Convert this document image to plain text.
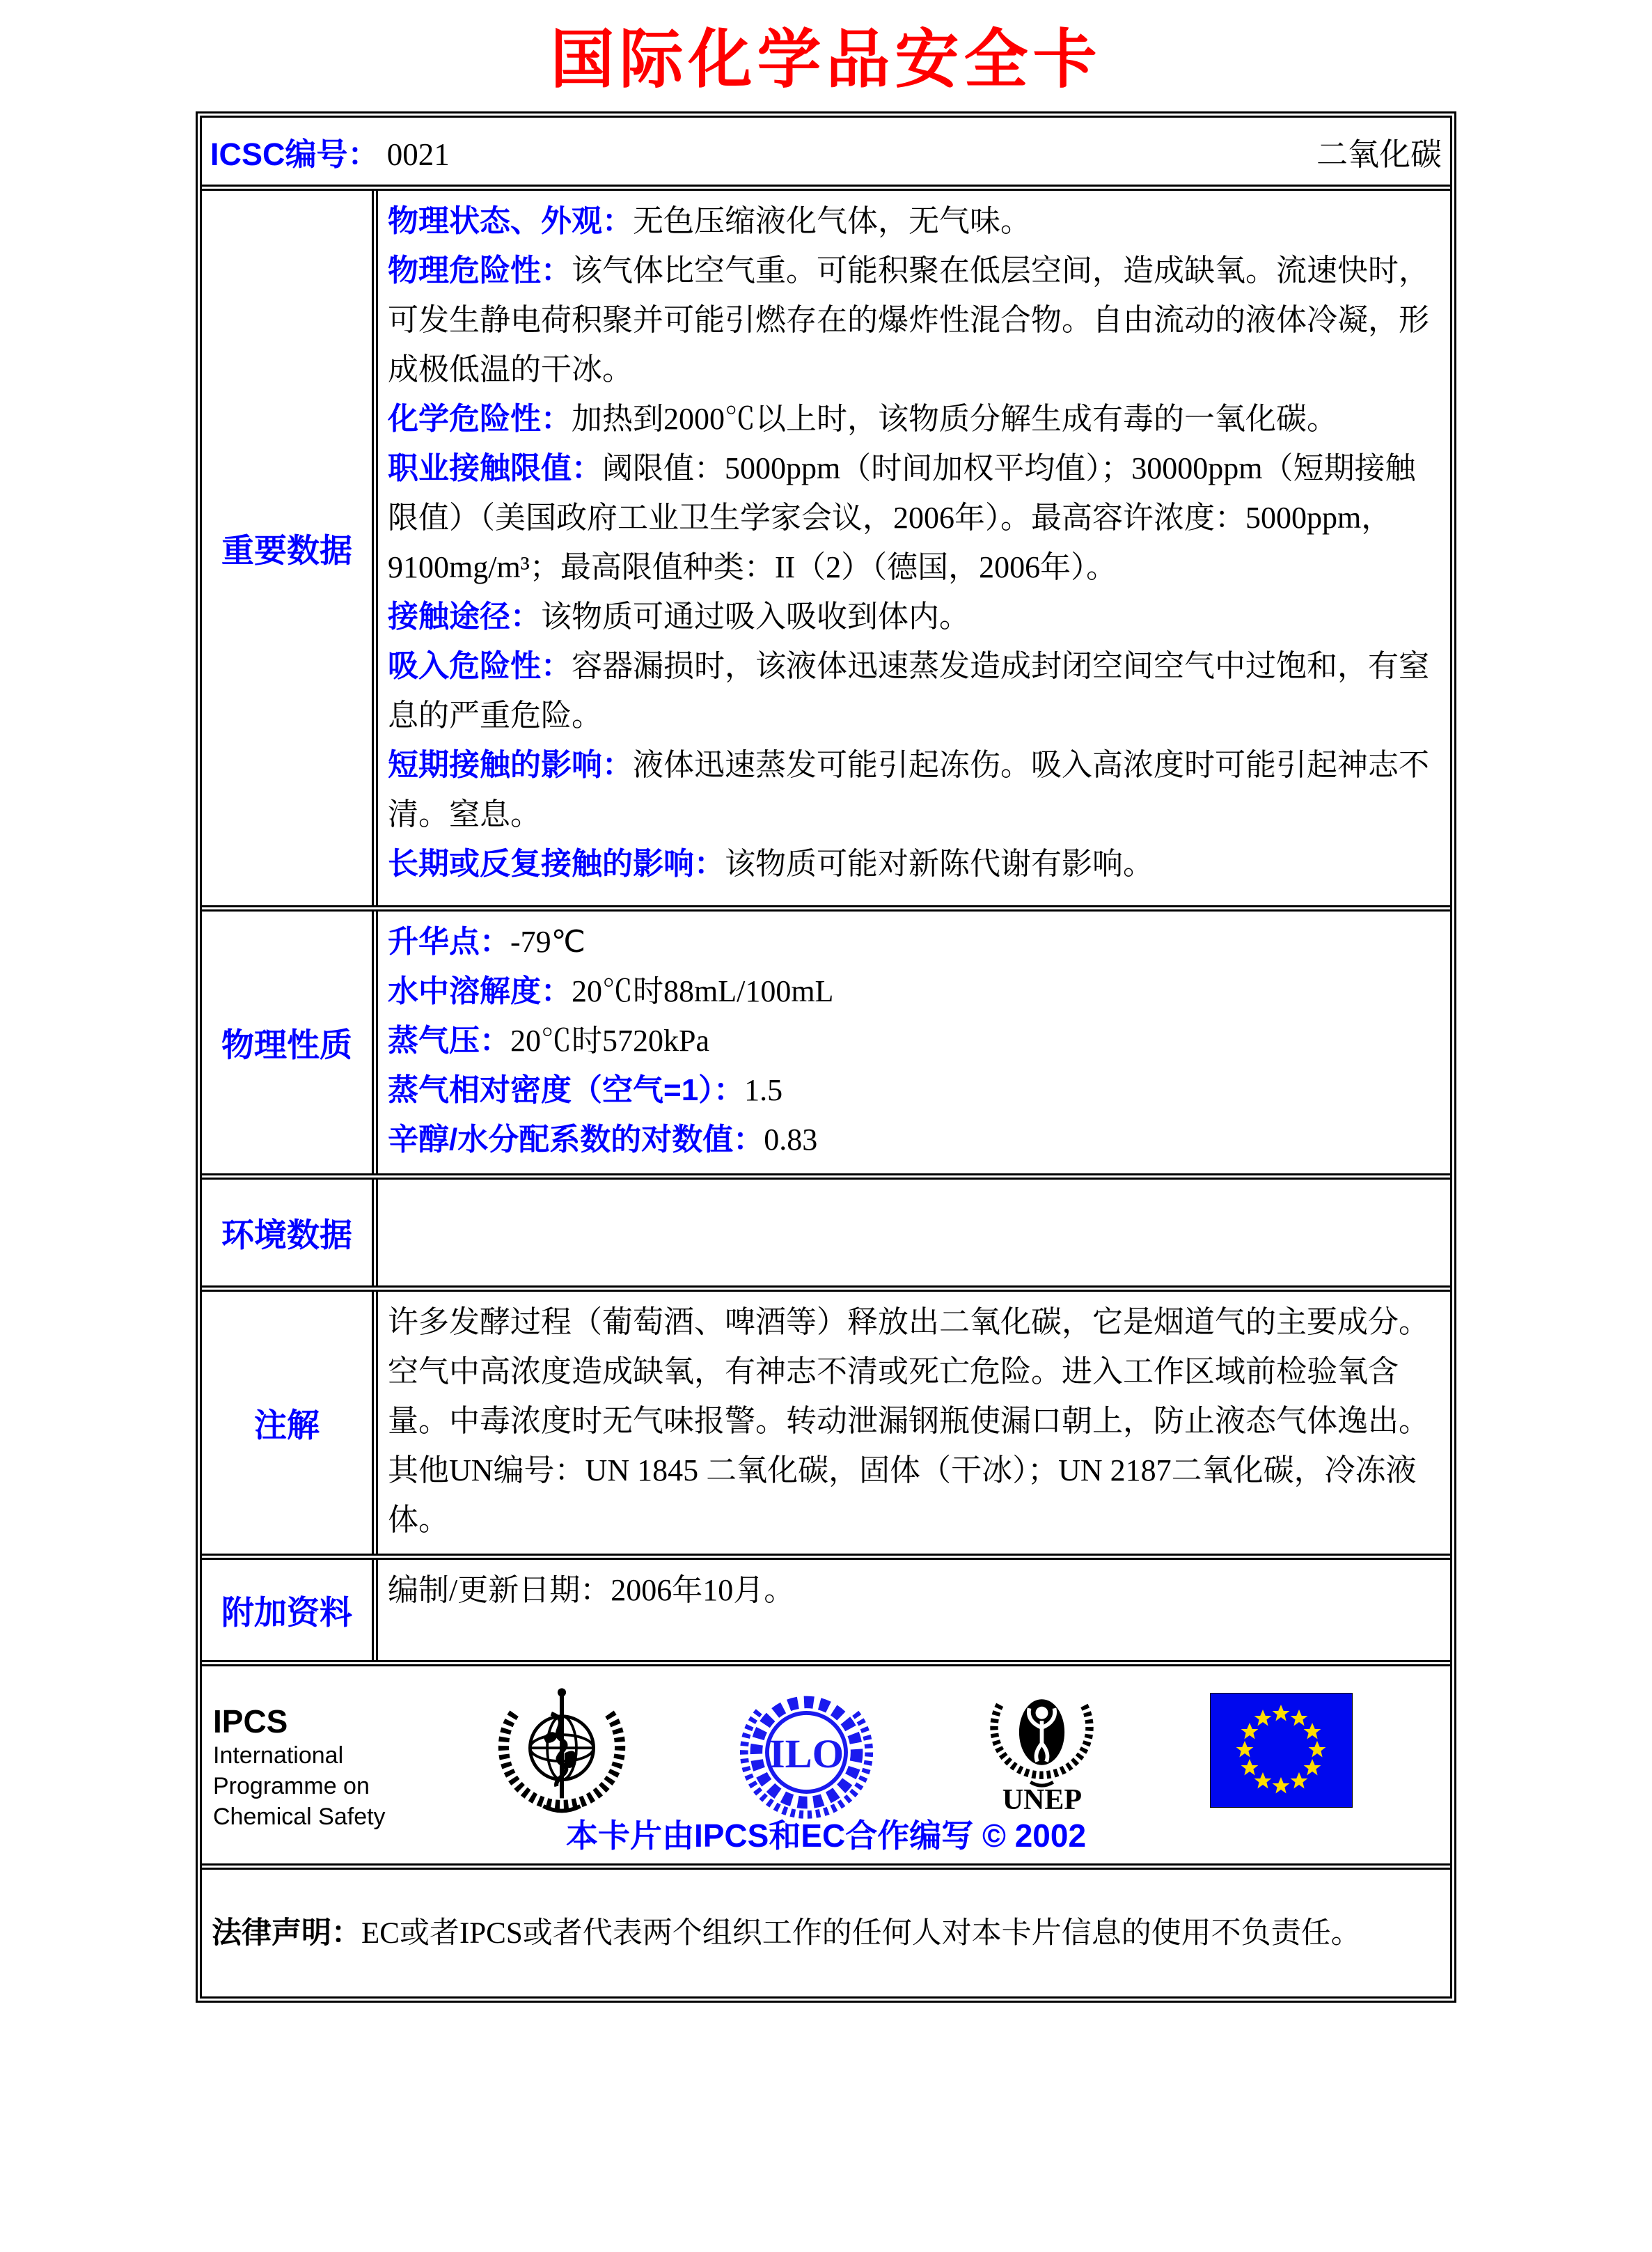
国际化学品安全卡
ICSC编号： 0021	二氧化碳
重要数据
物理状态、外观：无色压缩液化气体，无气味。
物理危险性：该气体比空气重。可能积聚在低层空间，造成缺氧。流速快时，可发生静电荷积聚并可能引燃存在的爆炸性混合物。自由流动的液体冷凝，形成极低温的干冰。
化学危险性：加热到2000℃以上时，该物质分解生成有毒的一氧化碳。
职业接触限值：阈限值：5000ppm（时间加权平均值）；30000ppm（短期接触限值）（美国政府工业卫生学家会议，2006年）。最高容许浓度：5000ppm，9100mg/m³；最高限值种类：II（2）（德国，2006年）。
接触途径：该物质可通过吸入吸收到体内。
吸入危险性：容器漏损时，该液体迅速蒸发造成封闭空间空气中过饱和，有窒息的严重危险。
短期接触的影响：液体迅速蒸发可能引起冻伤。吸入高浓度时可能引起神志不清。窒息。
长期或反复接触的影响：该物质可能对新陈代谢有影响。
物理性质
升华点：-79℃
水中溶解度：20℃时88mL/100mL
蒸气压：20℃时5720kPa
蒸气相对密度（空气=1）：1.5
辛醇/水分配系数的对数值：0.83
环境数据
注解
许多发酵过程（葡萄酒、啤酒等）释放出二氧化碳，它是烟道气的主要成分。空气中高浓度造成缺氧，有神志不清或死亡危险。进入工作区域前检验氧含量。中毒浓度时无气味报警。转动泄漏钢瓶使漏口朝上，防止液态气体逸出。其他UN编号：UN 1845 二氧化碳，固体（干冰）；UN 2187二氧化碳，冷冻液体。
附加资料
编制/更新日期：2006年10月。
IPCS
International
Programme on
Chemical Safety
ILO
UNEP
本卡片由IPCS和EC合作编写 © 2002
法律声明：EC或者IPCS或者代表两个组织工作的任何人对本卡片信息的使用不负责任。
